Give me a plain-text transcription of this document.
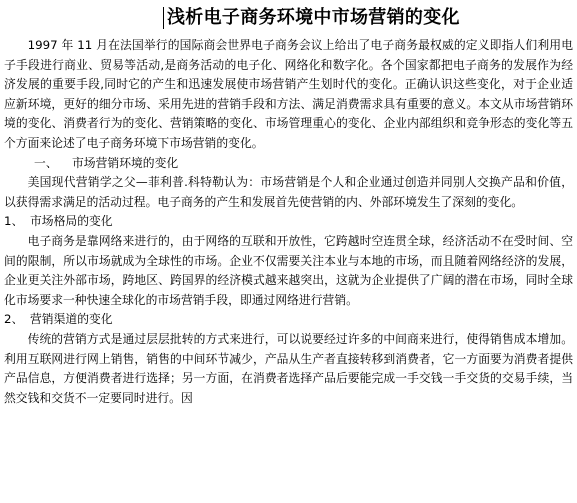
浅析电子商务环境中市场营销的变化

1997 年 11 月在法国举行的国际商会世界电子商务会议上给出了电子商务最权威的定义即指人们利用电子手段进行商业、贸易等活动,是商务活动的电子化、网络化和数字化。各个国家都把电子商务的发展作为经济发展的重要手段,同时它的产生和迅速发展使市场营销产生划时代的变化。正确认识这些变化，对于企业适应新环境，更好的细分市场、采用先进的营销手段和方法、满足消费需求具有重要的意义。本文从市场营销环境的变化、消费者行为的变化、营销策略的变化、市场管理重心的变化、企业内部组织和竞争形态的变化等五个方面来论述了电子商务环境下市场营销的变化。

一、 市场营销环境的变化

美国现代营销学之父—菲利普.科特勒认为：市场营销是个人和企业通过创造并同别人交换产品和价值，以获得需求满足的活动过程。电子商务的产生和发展首先使营销的内、外部环境发生了深刻的变化。

1、 市场格局的变化

电子商务是靠网络来进行的，由于网络的互联和开放性，它跨越时空连贯全球，经济活动不在受时间、空间的限制，所以市场就成为全球性的市场。企业不仅需要关注本业与本地的市场，而且随着网络经济的发展，企业更关注外部市场，跨地区、跨国界的经济模式越来越突出，这就为企业提供了广阔的潜在市场，同时全球化市场要求一种快速全球化的市场营销手段，即通过网络进行营销。

2、 营销渠道的变化

传统的营销方式是通过层层批转的方式来进行，可以说要经过许多的中间商来进行，使得销售成本增加。利用互联网进行网上销售，销售的中间环节减少，产品从生产者直接转移到消费者，它一方面要为消费者提供产品信息，方便消费者进行选择；另一方面，在消费者选择产品后要能完成一手交钱一手交货的交易手续，当然交钱和交货不一定要同时进行。因
